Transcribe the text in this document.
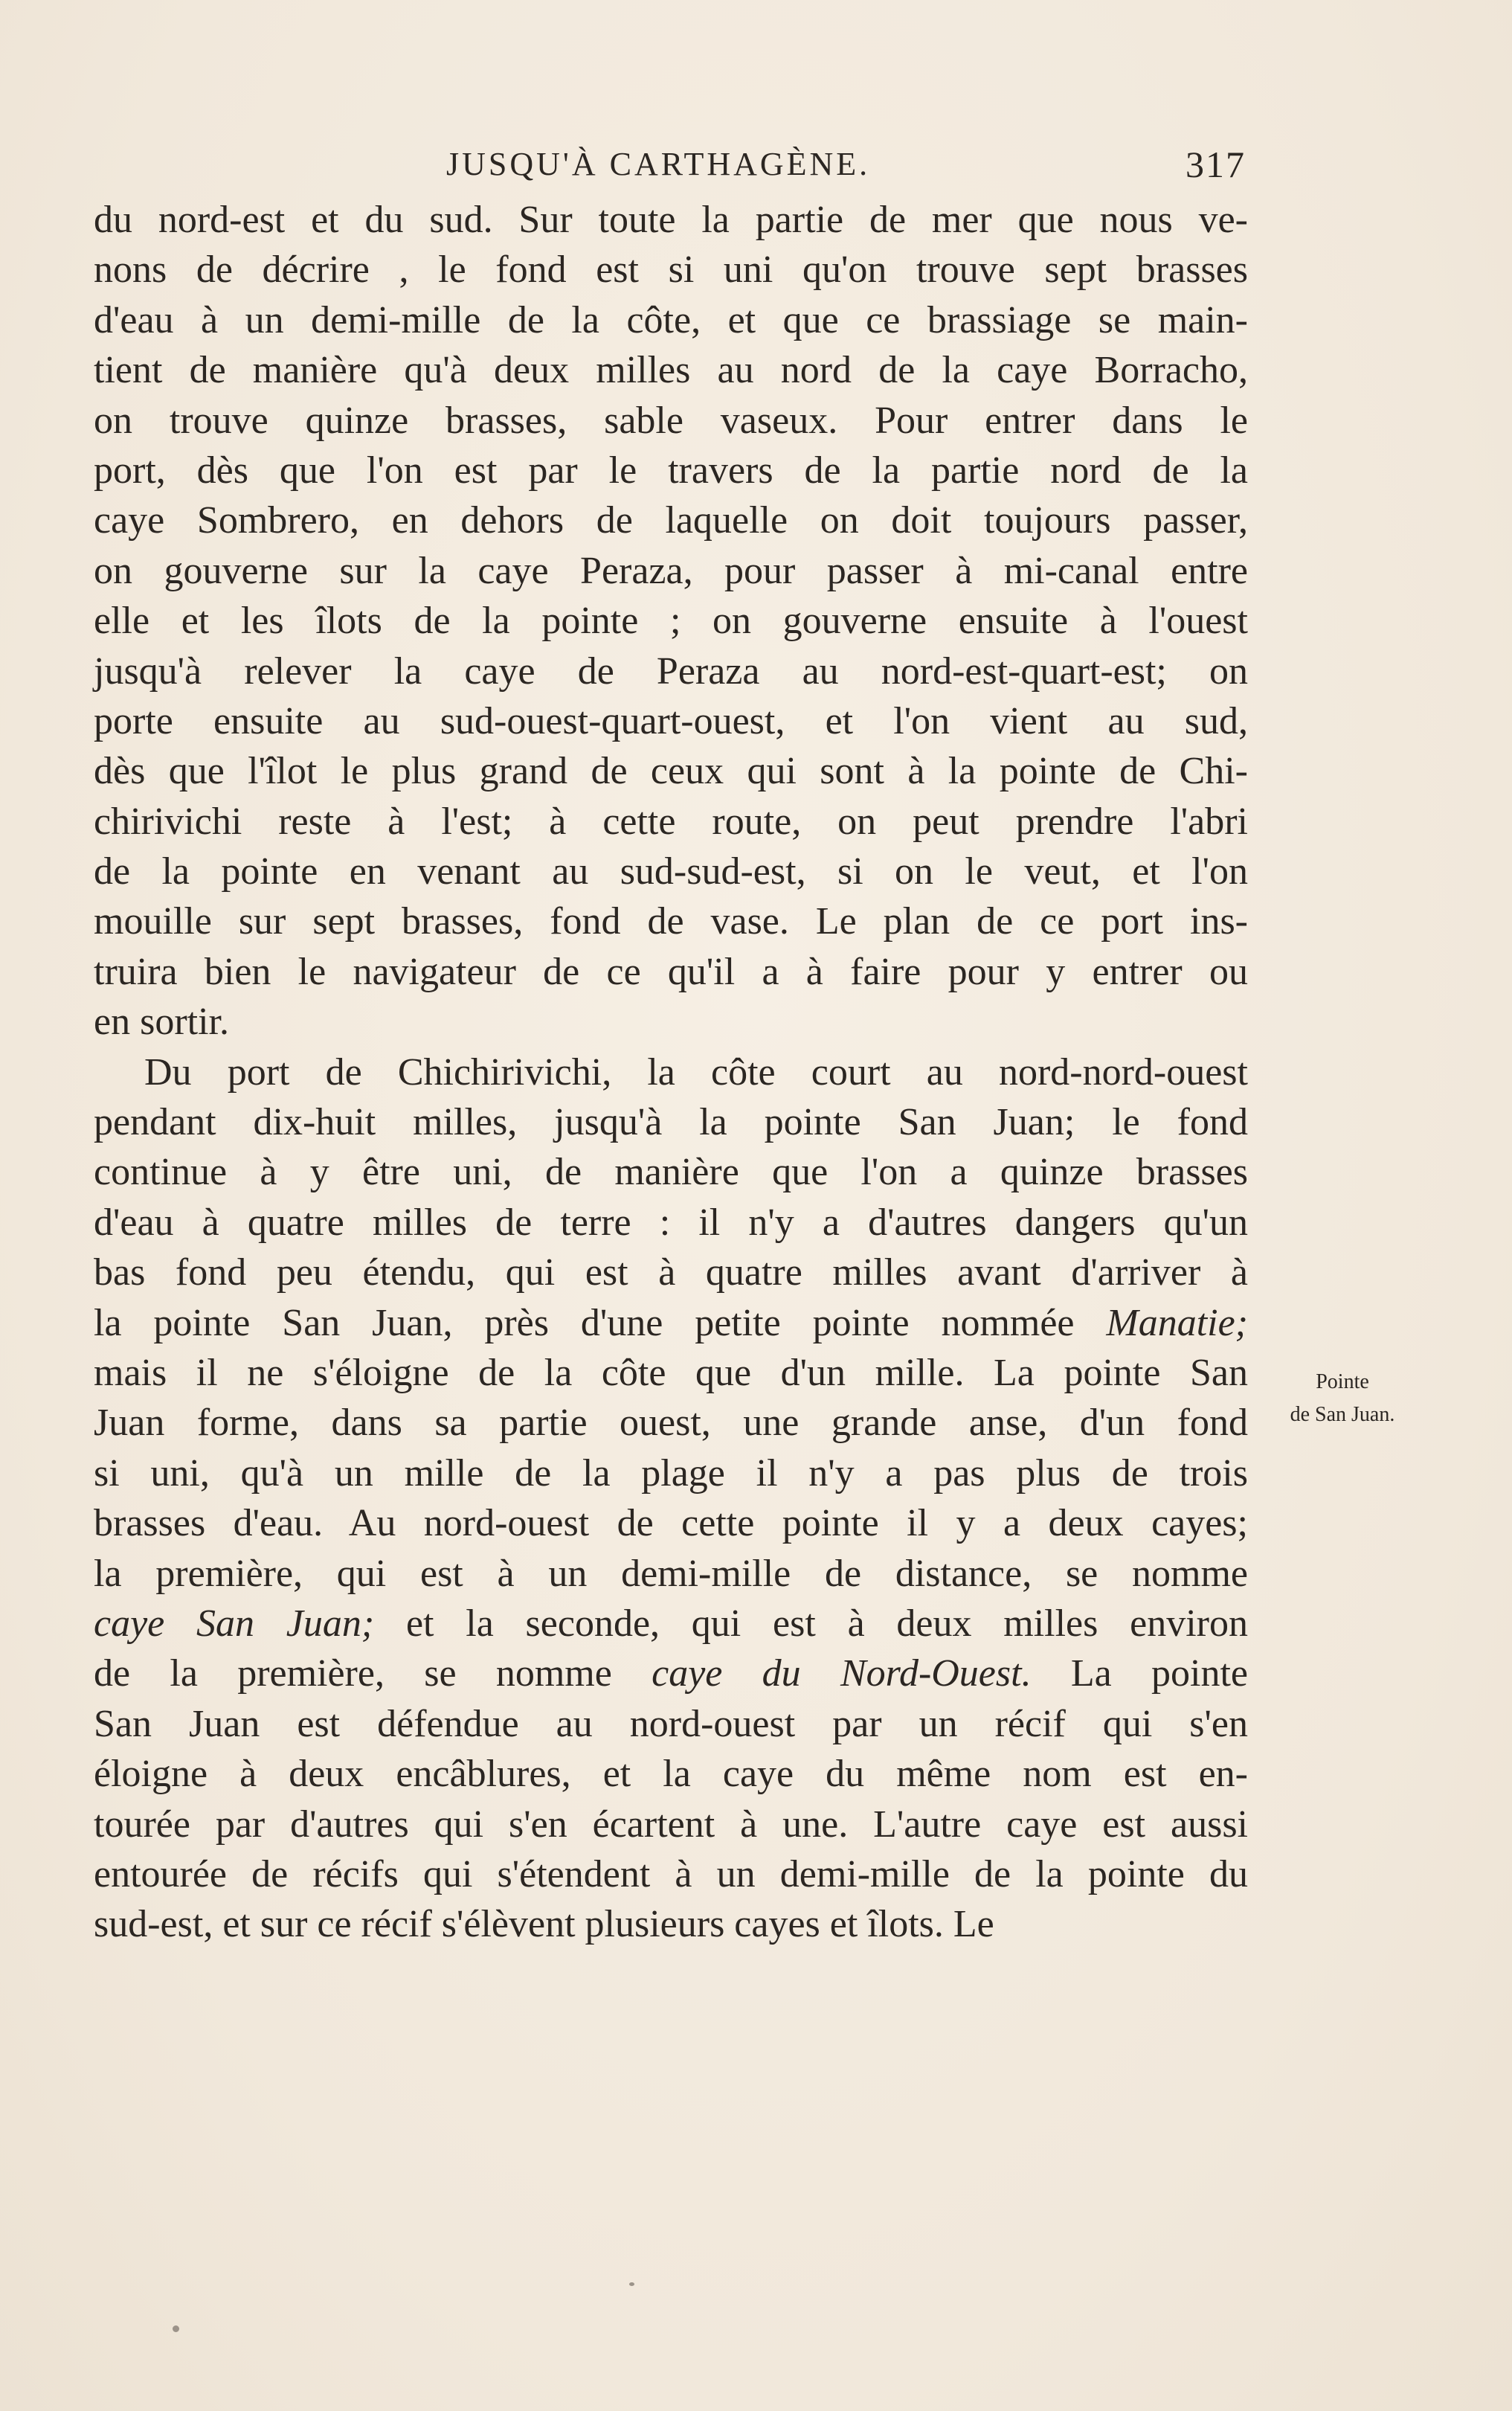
JUSQU'À CARTHAGÈNE.	317
du nord-est et du sud. Sur toute la partie de mer que nous ve-
nons de décrire , le fond est si uni qu'on trouve sept brasses
d'eau à un demi-mille de la côte, et que ce brassiage se main-
tient de manière qu'à deux milles au nord de la caye Borracho,
on trouve quinze brasses, sable vaseux. Pour entrer dans le
port, dès que l'on est par le travers de la partie nord de la
caye Sombrero, en dehors de laquelle on doit toujours passer,
on gouverne sur la caye Peraza, pour passer à mi-canal entre
elle et les îlots de la pointe ; on gouverne ensuite à l'ouest
jusqu'à relever la caye de Peraza au nord-est-quart-est; on
porte ensuite au sud-ouest-quart-ouest, et l'on vient au sud,
dès que l'îlot le plus grand de ceux qui sont à la pointe de Chi-
chirivichi reste à l'est; à cette route, on peut prendre l'abri
de la pointe en venant au sud-sud-est, si on le veut, et l'on
mouille sur sept brasses, fond de vase. Le plan de ce port ins-
truira bien le navigateur de ce qu'il a à faire pour y entrer ou
en sortir.
Du port de Chichirivichi, la côte court au nord-nord-ouest
pendant dix-huit milles, jusqu'à la pointe San Juan; le fond
continue à y être uni, de manière que l'on a quinze brasses
d'eau à quatre milles de terre : il n'y a d'autres dangers qu'un
bas fond peu étendu, qui est à quatre milles avant d'arriver à
la pointe San Juan, près d'une petite pointe nommée Manatie;
mais il ne s'éloigne de la côte que d'un mille. La pointe San
Juan forme, dans sa partie ouest, une grande anse, d'un fond
si uni, qu'à un mille de la plage il n'y a pas plus de trois
brasses d'eau. Au nord-ouest de cette pointe il y a deux cayes;
la première, qui est à un demi-mille de distance, se nomme
caye San Juan; et la seconde, qui est à deux milles environ
de la première, se nomme caye du Nord-Ouest. La pointe
San Juan est défendue au nord-ouest par un récif qui s'en
éloigne à deux encâblures, et la caye du même nom est en-
tourée par d'autres qui s'en écartent à une. L'autre caye est aussi
entourée de récifs qui s'étendent à un demi-mille de la pointe du
sud-est, et sur ce récif s'élèvent plusieurs cayes et îlots. Le
Pointe
de San Juan.
